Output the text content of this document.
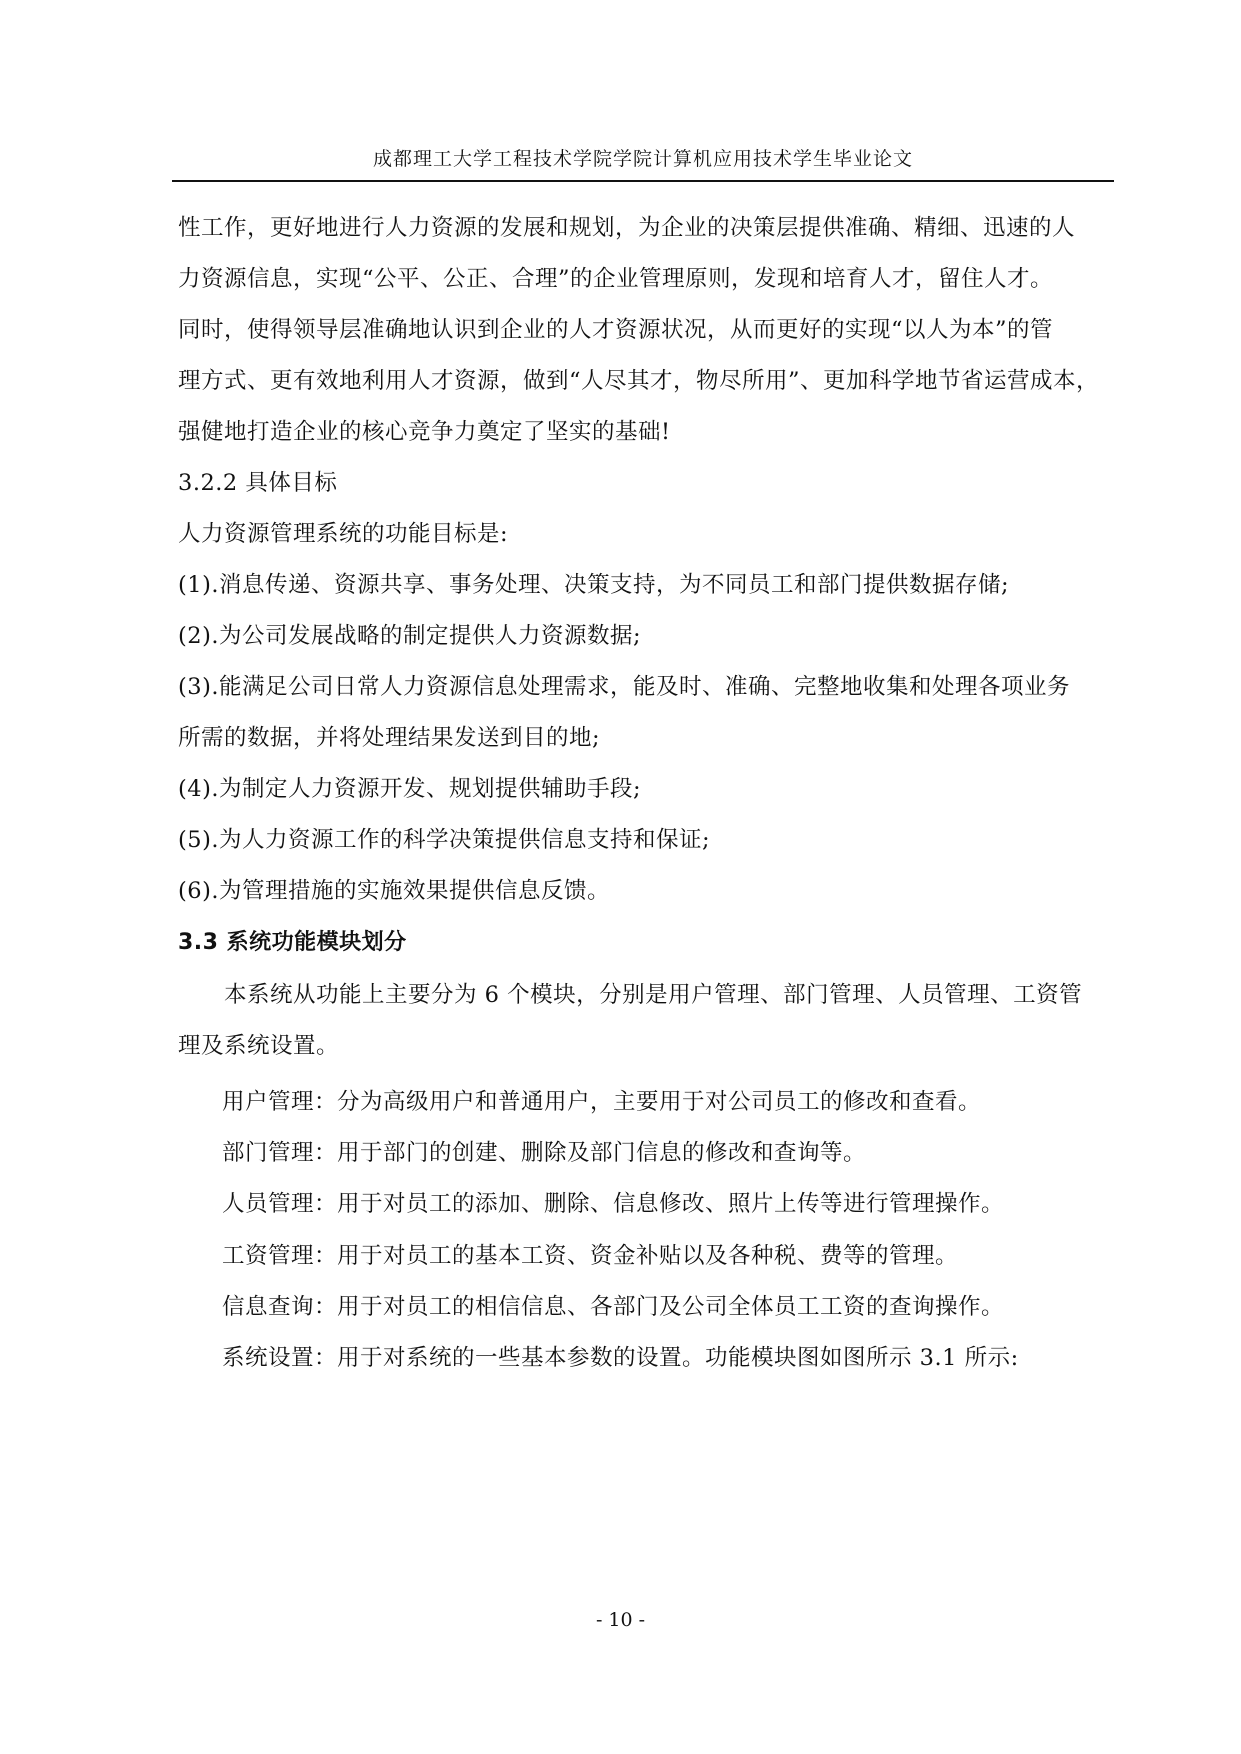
成都理工大学工程技术学院学院计算机应用技术学生毕业论文
性工作，更好地进行人力资源的发展和规划，为企业的决策层提供准确、精细、迅速的人
力资源信息，实现“公平、公正、合理”的企业管理原则，发现和培育人才，留住人才。
同时，使得领导层准确地认识到企业的人才资源状况，从而更好的实现“以人为本”的管
理方式、更有效地利用人才资源，做到“人尽其才，物尽所用”、更加科学地节省运营成本，
强健地打造企业的核心竞争力奠定了坚实的基础!
3.2.2 具体目标
人力资源管理系统的功能目标是:
(1).消息传递、资源共享、事务处理、决策支持，为不同员工和部门提供数据存储;
(2).为公司发展战略的制定提供人力资源数据;
(3).能满足公司日常人力资源信息处理需求，能及时、准确、完整地收集和处理各项业务
所需的数据，并将处理结果发送到目的地;
(4).为制定人力资源开发、规划提供辅助手段;
(5).为人力资源工作的科学决策提供信息支持和保证;
(6).为管理措施的实施效果提供信息反馈。
3.3 系统功能模块划分
本系统从功能上主要分为 6 个模块，分别是用户管理、部门管理、人员管理、工资管
理及系统设置。
用户管理：分为高级用户和普通用户，主要用于对公司员工的修改和查看。
部门管理：用于部门的创建、删除及部门信息的修改和查询等。
人员管理：用于对员工的添加、删除、信息修改、照片上传等进行管理操作。
工资管理：用于对员工的基本工资、资金补贴以及各种税、费等的管理。
信息查询：用于对员工的相信信息、各部门及公司全体员工工资的查询操作。
系统设置：用于对系统的一些基本参数的设置。功能模块图如图所示 3.1 所示:
- 10 -
